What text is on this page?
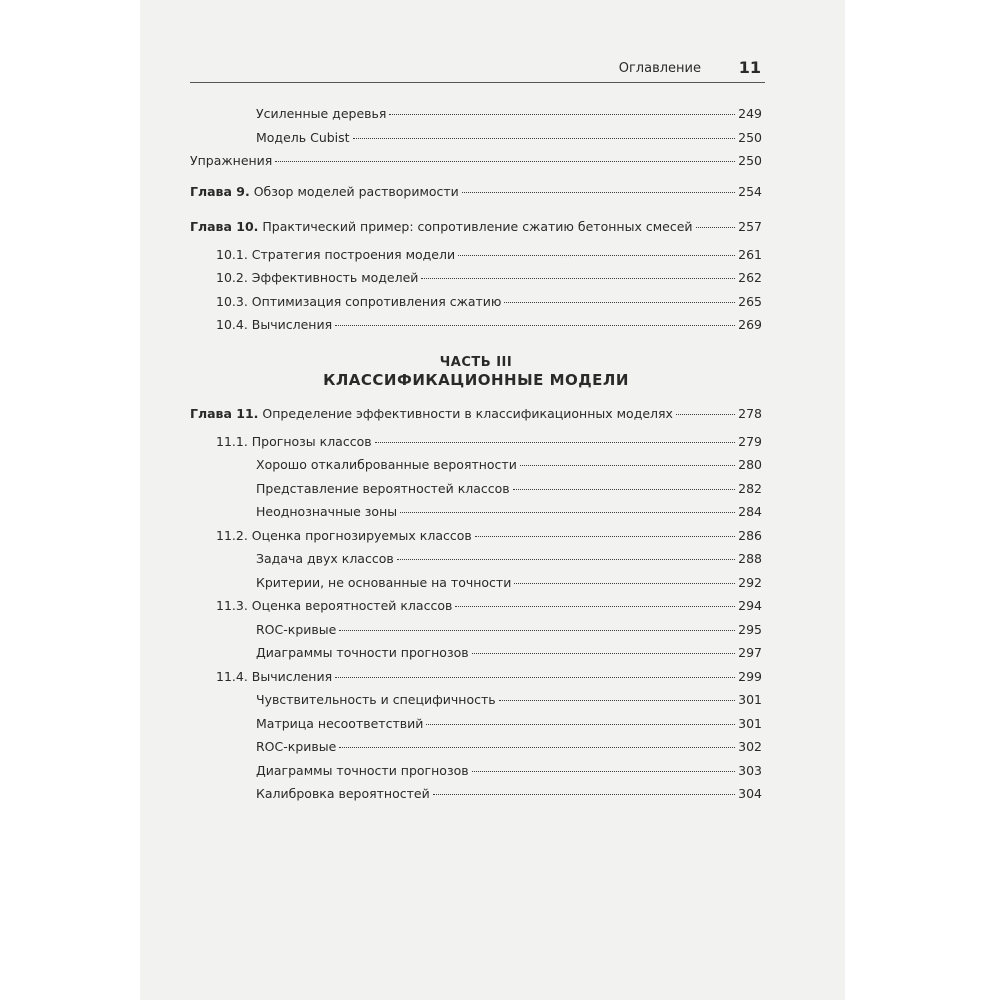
⋯
Оглавление 11
Усиленные деревья	249
Модель Cubist	250
Упражнения	250
Глава 9. Обзор моделей растворимости	254
Глава 10. Практический пример: сопротивление сжатию бетонных смесей	257
10.1. Стратегия построения модели	261
10.2. Эффективность моделей	262
10.3. Оптимизация сопротивления сжатию	265
10.4. Вычисления	269
ЧАСТЬ III
КЛАССИФИКАЦИОННЫЕ МОДЕЛИ
Глава 11. Определение эффективности в классификационных моделях	278
11.1. Прогнозы классов	279
Хорошо откалиброванные вероятности	280
Представление вероятностей классов	282
Неоднозначные зоны	284
11.2. Оценка прогнозируемых классов	286
Задача двух классов	288
Критерии, не основанные на точности	292
11.3. Оценка вероятностей классов	294
ROC-кривые	295
Диаграммы точности прогнозов	297
11.4. Вычисления	299
Чувствительность и специфичность	301
Матрица несоответствий	301
ROC-кривые	302
Диаграммы точности прогнозов	303
Калибровка вероятностей	304
